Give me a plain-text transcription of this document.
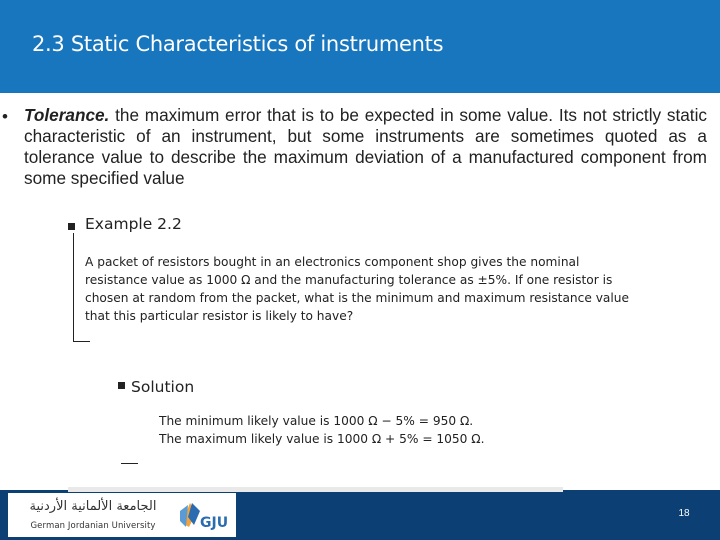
2.3 Static Characteristics of instruments
• Tolerance. the maximum error that is to be expected in some value. Its not strictly static characteristic of an instrument, but some instruments are sometimes quoted as a tolerance value to describe the maximum deviation of a manufactured component from some specified value

Example 2.2

A packet of resistors bought in an electronics component shop gives the nominal resistance value as 1000 Ω and the manufacturing tolerance as ±5%. If one resistor is chosen at random from the packet, what is the minimum and maximum resistance value that this particular resistor is likely to have?

Solution
The minimum likely value is 1000 Ω − 5% = 950 Ω.
The maximum likely value is 1000 Ω + 5% = 1050 Ω.
الجامعة الألمانية الأردنية
German Jordanian University	GJU
18
